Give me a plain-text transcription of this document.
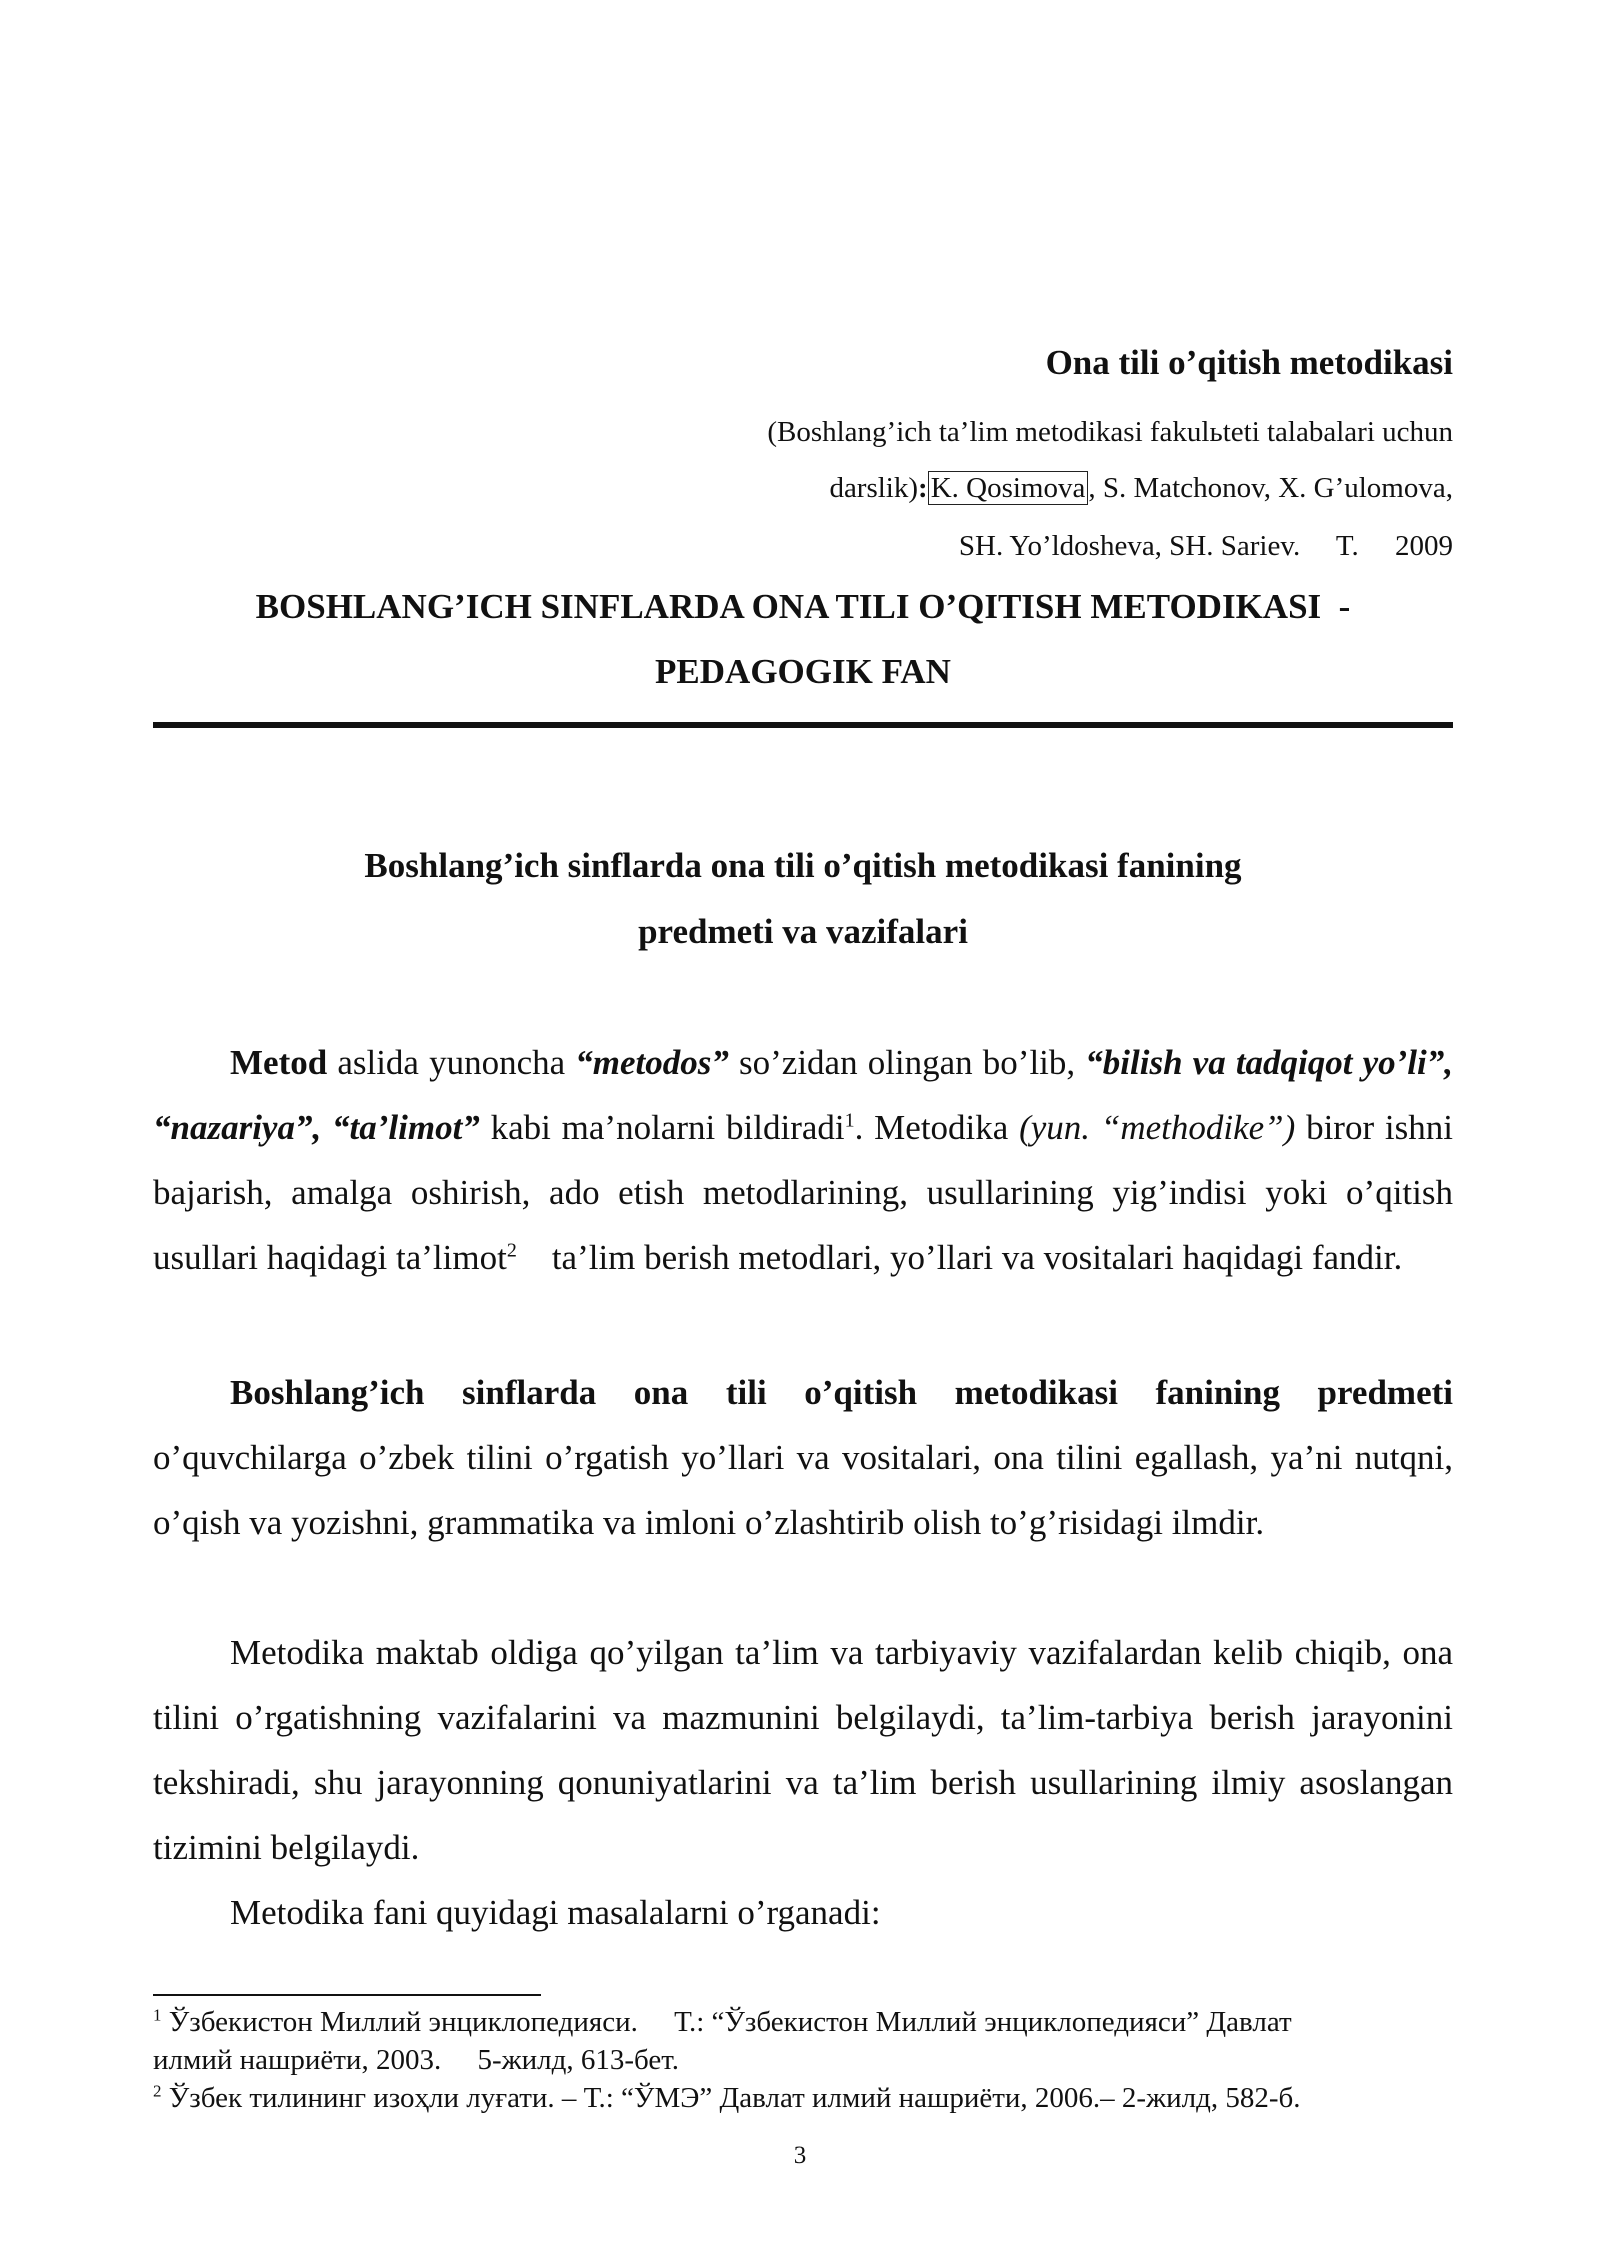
Ona tili o’qitish metodikasi
(Boshlang’ich ta’lim metodikasi fakulьteti talabalari uchun
darslik): K. Qosimova , S. Matchonov, X. G’ulomova,
SH. Yo’ldosheva, SH. Sariev.     T.     2009
BOSHLANG’ICH SINFLARDA ONA TILI O’QITISH METODIKASI  -
PEDAGOGIK FAN
Boshlang’ich sinflarda ona tili o’qitish metodikasi fanining
predmeti va vazifalari

Metod aslida yunoncha “metodos” so’zidan olingan bo’lib, “bilish va tadqiqot yo’li”, “nazariya”, “ta’limot” kabi ma’nolarni bildiradi$^1$. Metodika (yun. “methodike”) biror ishni bajarish, amalga oshirish, ado etish metodlarining, usullarining yig’indisi yoki o’qitish usullari haqidagi ta’limot$^2$    ta’lim berish metodlari, yo’llari va vositalari haqidagi fandir.

Boshlang’ich sinflarda ona tili o’qitish metodikasi fanining predmeti o’quvchilarga o’zbek tilini o’rgatish yo’llari va vositalari, ona tilini egallash, ya’ni nutqni, o’qish va yozishni, grammatika va imloni o’zlashtirib olish to’g’risidagi ilmdir.

Metodika maktab oldiga qo’yilgan ta’lim va tarbiyaviy vazifalardan kelib chiqib, ona tilini o’rgatishning vazifalarini va mazmunini belgilaydi, ta’lim-tarbiya berish jarayonini tekshiradi, shu jarayonning qonuniyatlarini va ta’lim berish usullarining ilmiy asoslangan tizimini belgilaydi.

Metodika fani quyidagi masalalarni o’rganadi:

$^1$ Ўзбекистон Миллий энциклопедияси.     Т.: “Ўзбекистон Миллий энциклопедияси” Давлат
илмий нашриёти, 2003.     5-жилд, 613-бет.
$^2$ Ўзбек тилининг изоҳли луғати. – Т.: “ЎМЭ” Давлат илмий нашриёти, 2006.– 2-жилд, 582-б.
3
